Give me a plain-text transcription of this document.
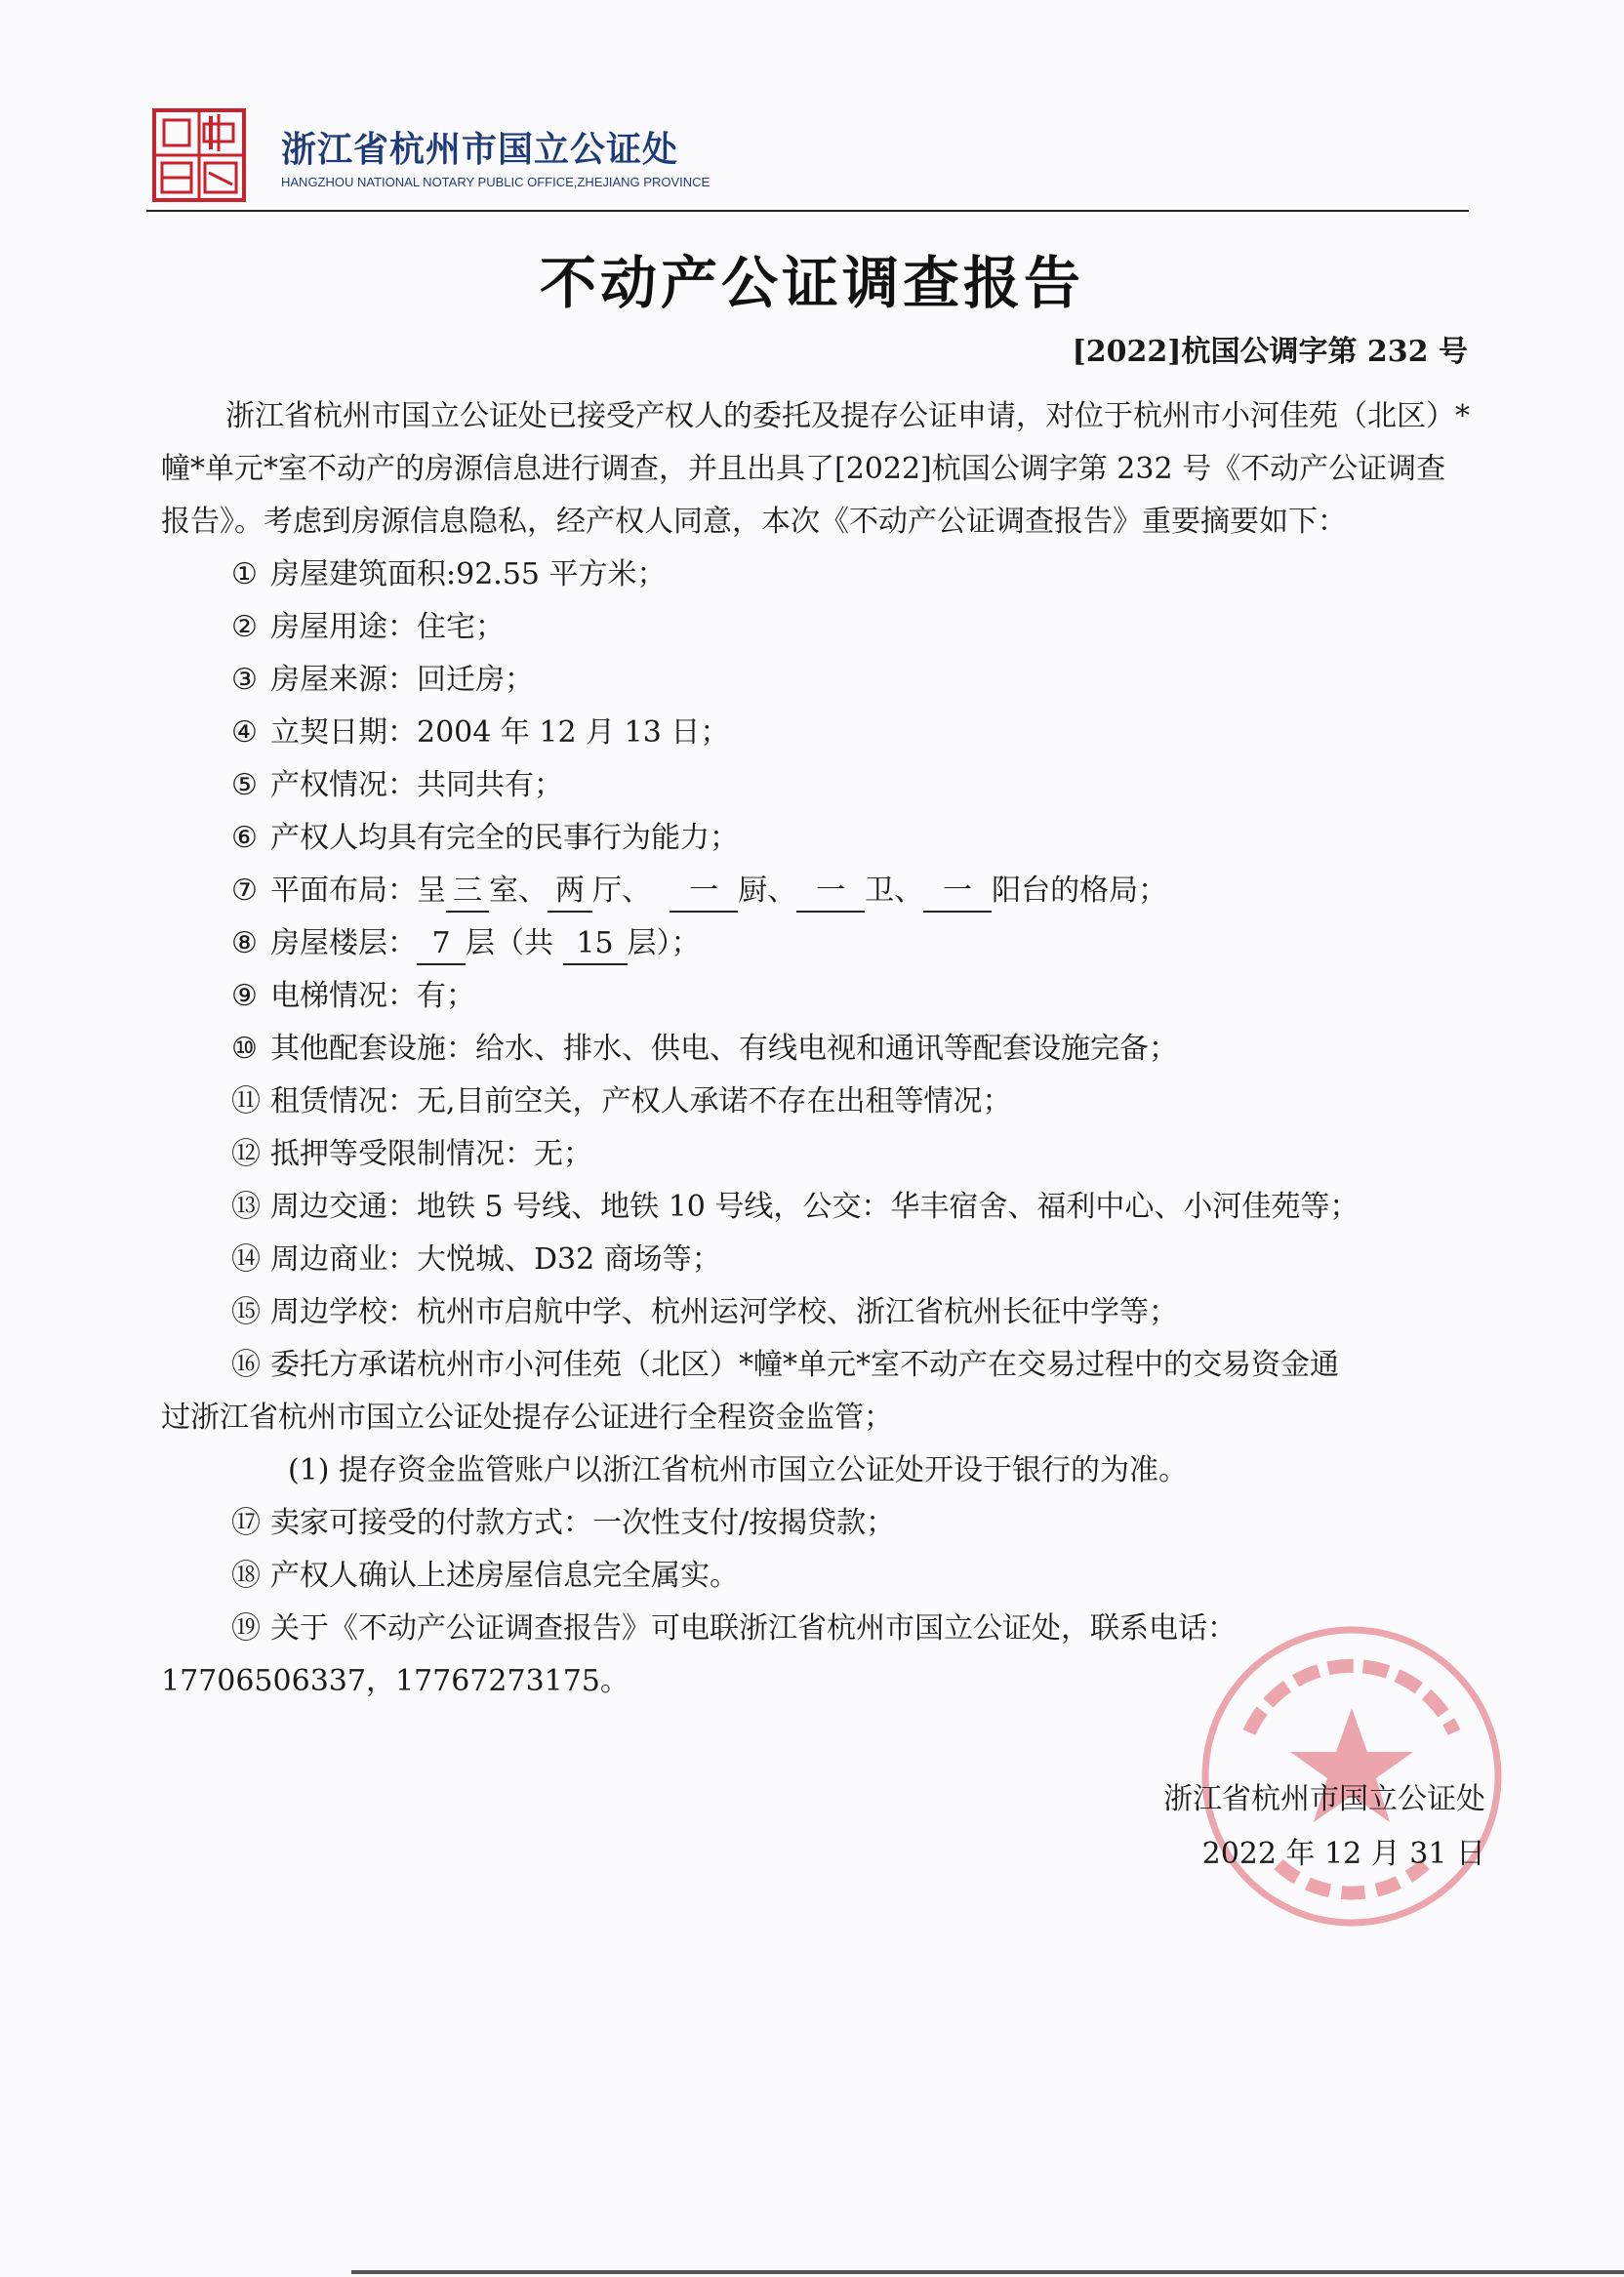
浙江省杭州市国立公证处
HANGZHOU NATIONAL NOTARY PUBLIC OFFICE,ZHEJIANG PROVINCE
不动产公证调查报告
[2022]杭国公调字第 232 号

浙江省杭州市国立公证处已接受产权人的委托及提存公证申请，对位于杭州市小河佳苑（北区）*幢*单元*室不动产的房源信息进行调查，并且出具了[2022]杭国公调字第 232 号《不动产公证调查报告》。考虑到房源信息隐私，经产权人同意，本次《不动产公证调查报告》重要摘要如下：

① 房屋建筑面积:92.55 平方米；
② 房屋用途：住宅；
③ 房屋来源：回迁房；
④ 立契日期：2004 年 12 月 13 日；
⑤ 产权情况：共同共有；
⑥ 产权人均具有完全的民事行为能力；
⑦ 平面布局：呈 三 室、 两 厅、 一 厨、 一 卫、 一 阳台的格局；
⑧ 房屋楼层： 7 层（共 15 层）；
⑨ 电梯情况：有；
⑩ 其他配套设施：给水、排水、供电、有线电视和通讯等配套设施完备；
⑪ 租赁情况：无,目前空关，产权人承诺不存在出租等情况；
⑫ 抵押等受限制情况：无；
⑬ 周边交通：地铁 5 号线、地铁 10 号线，公交：华丰宿舍、福利中心、小河佳苑等；
⑭ 周边商业：大悦城、D32 商场等；
⑮ 周边学校：杭州市启航中学、杭州运河学校、浙江省杭州长征中学等；
⑯ 委托方承诺杭州市小河佳苑（北区）*幢*单元*室不动产在交易过程中的交易资金通
过浙江省杭州市国立公证处提存公证进行全程资金监管；
(1) 提存资金监管账户以浙江省杭州市国立公证处开设于银行的为准。
⑰ 卖家可接受的付款方式：一次性支付/按揭贷款；
⑱ 产权人确认上述房屋信息完全属实。
⑲ 关于《不动产公证调查报告》可电联浙江省杭州市国立公证处，联系电话：
17706506337，17767273175。
浙江省杭州市国立公证处
2022 年 12 月 31 日
